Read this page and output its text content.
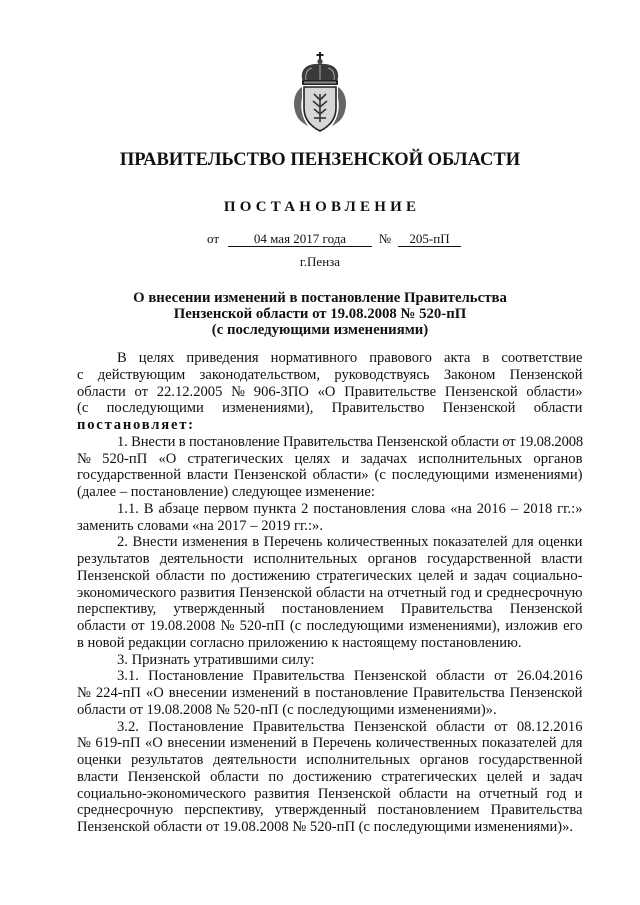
ПРАВИТЕЛЬСТВО ПЕНЗЕНСКОЙ ОБЛАСТИ
ПОСТАНОВЛЕНИЕ
от	04 мая 2017 года	№ 205-пП
г.Пенза
О внесении изменений в постановление Правительства
Пензенской области от 19.08.2008 № 520-пП
(с последующими изменениями)
В целях приведения нормативного правового акта в соответствие
с действующим законодательством, руководствуясь Законом Пензенской
области от 22.12.2005 № 906-ЗПО «О Правительстве Пензенской области»
(с последующими изменениями), Правительство Пензенской области
постановляет:
1. Внести в постановление Правительства Пензенской области от 19.08.2008
№ 520-пП «О стратегических целях и задачах исполнительных органов
государственной власти Пензенской области» (с последующими изменениями)
(далее – постановление) следующее изменение:
1.1. В абзаце первом пункта 2 постановления слова «на 2016 – 2018 гг.:»
заменить словами «на 2017 – 2019 гг.:».
2. Внести изменения в Перечень количественных показателей для оценки
результатов деятельности исполнительных органов государственной власти
Пензенской области по достижению стратегических целей и задач социально-
экономического развития Пензенской области на отчетный год и среднесрочную
перспективу, утвержденный постановлением Правительства Пензенской
области от 19.08.2008 № 520-пП (с последующими изменениями), изложив его
в новой редакции согласно приложению к настоящему постановлению.
3. Признать утратившими силу:
3.1. Постановление Правительства Пензенской области от 26.04.2016
№ 224-пП «О внесении изменений в постановление Правительства Пензенской
области от 19.08.2008 № 520-пП (с последующими изменениями)».
3.2. Постановление Правительства Пензенской области от 08.12.2016
№ 619-пП «О внесении изменений в Перечень количественных показателей для
оценки результатов деятельности исполнительных органов государственной
власти Пензенской области по достижению стратегических целей и задач
социально-экономического развития Пензенской области на отчетный год и
среднесрочную перспективу, утвержденный постановлением Правительства
Пензенской области от 19.08.2008 № 520-пП (с последующими изменениями)».
